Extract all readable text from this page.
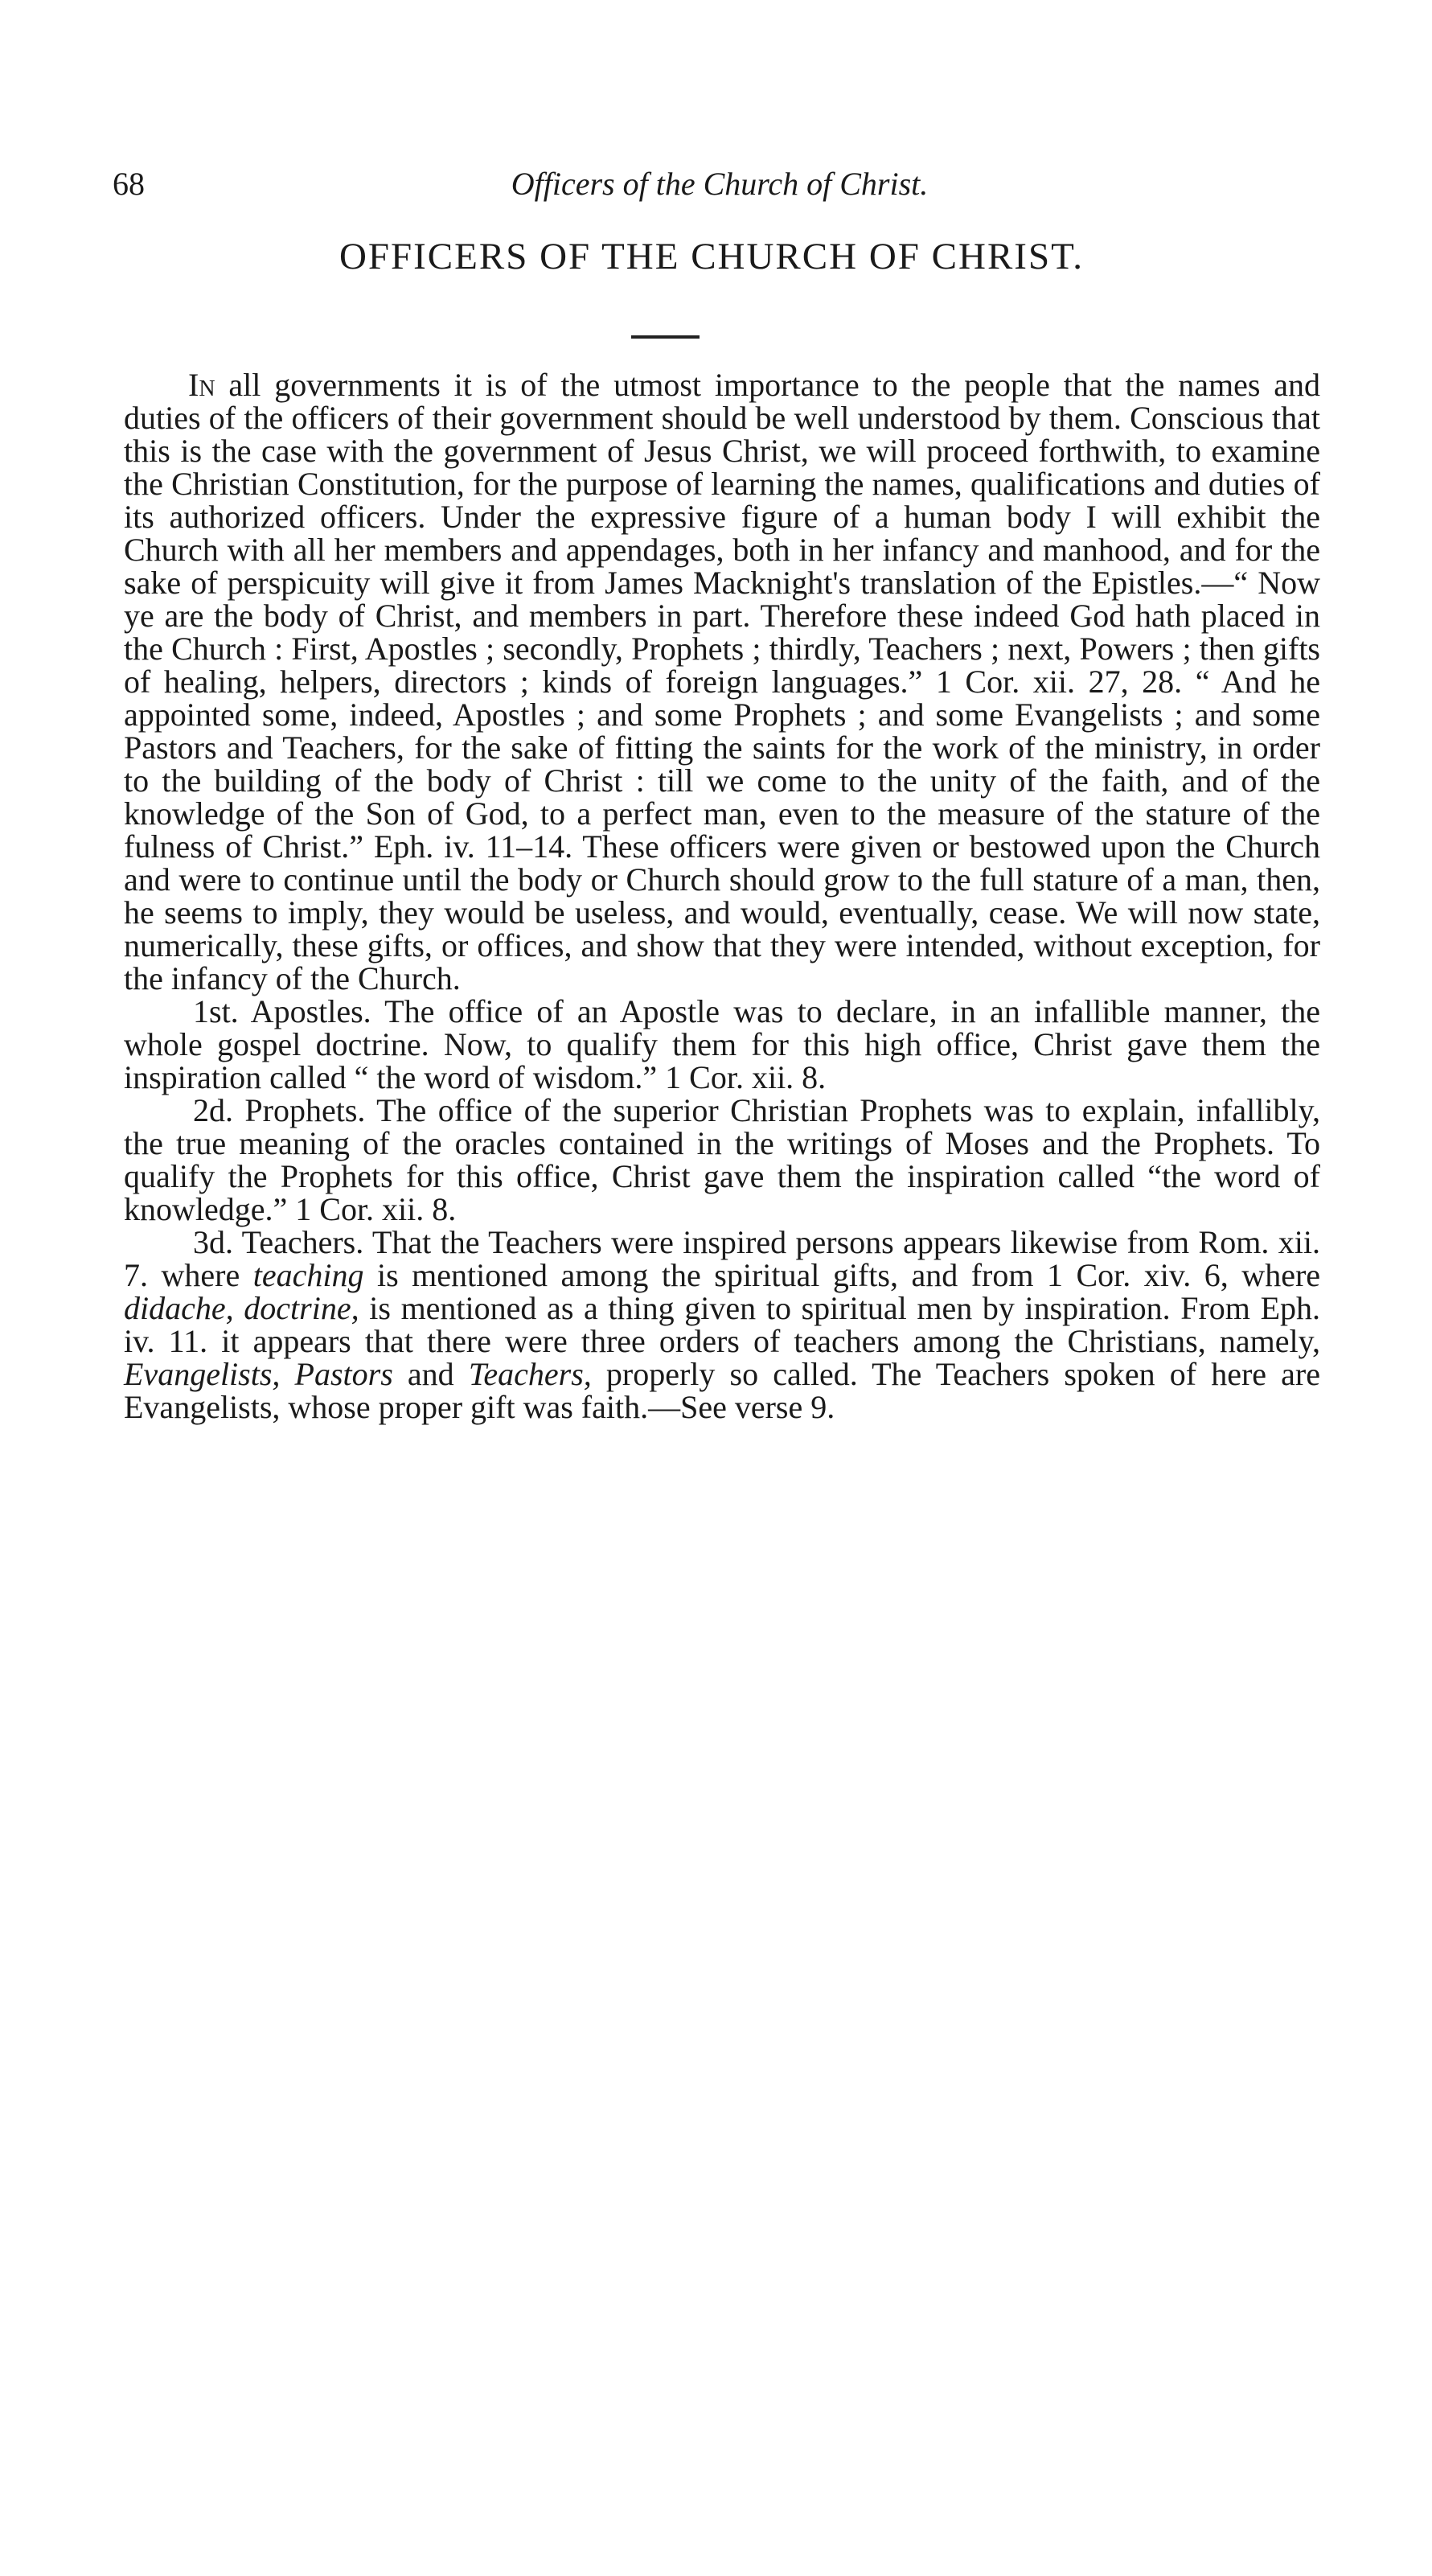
68	Officers of the Church of Christ.
OFFICERS OF THE CHURCH OF CHRIST.

In all governments it is of the utmost importance to the people that the names and duties of the officers of their government should be well understood by them. Conscious that this is the case with the government of Jesus Christ, we will proceed forthwith, to examine the Christian Constitution, for the purpose of learning the names, qualifications and duties of its authorized officers. Under the expressive figure of a human body I will exhibit the Church with all her members and appendages, both in her infancy and manhood, and for the sake of perspicuity will give it from James Macknight's translation of the Epistles.—“ Now ye are the body of Christ, and members in part. Therefore these indeed God hath placed in the Church : First, Apostles ; secondly, Prophets ; thirdly, Teachers ; next, Powers ; then gifts of healing, helpers, directors ; kinds of foreign languages.” 1 Cor. xii. 27, 28. “ And he appointed some, indeed, Apostles ; and some Prophets ; and some Evangelists ; and some Pastors and Teachers, for the sake of fitting the saints for the work of the ministry, in order to the building of the body of Christ : till we come to the unity of the faith, and of the knowledge of the Son of God, to a perfect man, even to the measure of the stature of the fulness of Christ.” Eph. iv. 11–14. These officers were given or bestowed upon the Church and were to continue until the body or Church should grow to the full stature of a man, then, he seems to imply, they would be useless, and would, eventually, cease. We will now state, numerically, these gifts, or offices, and show that they were intended, without exception, for the infancy of the Church.

1st. Apostles. The office of an Apostle was to declare, in an infallible manner, the whole gospel doctrine. Now, to qualify them for this high office, Christ gave them the inspiration called “ the word of wisdom.” 1 Cor. xii. 8.

2d. Prophets. The office of the superior Christian Prophets was to explain, infallibly, the true meaning of the oracles contained in the writings of Moses and the Prophets. To qualify the Prophets for this office, Christ gave them the inspiration called “the word of knowledge.” 1 Cor. xii. 8.

3d. Teachers. That the Teachers were inspired persons appears likewise from Rom. xii. 7. where teaching is mentioned among the spiritual gifts, and from 1 Cor. xiv. 6, where didache, doctrine, is mentioned as a thing given to spiritual men by inspiration. From Eph. iv. 11. it appears that there were three orders of teachers among the Christians, namely, Evangelists, Pastors and Teachers, properly so called. The Teachers spoken of here are Evangelists, whose proper gift was faith.—See verse 9.
